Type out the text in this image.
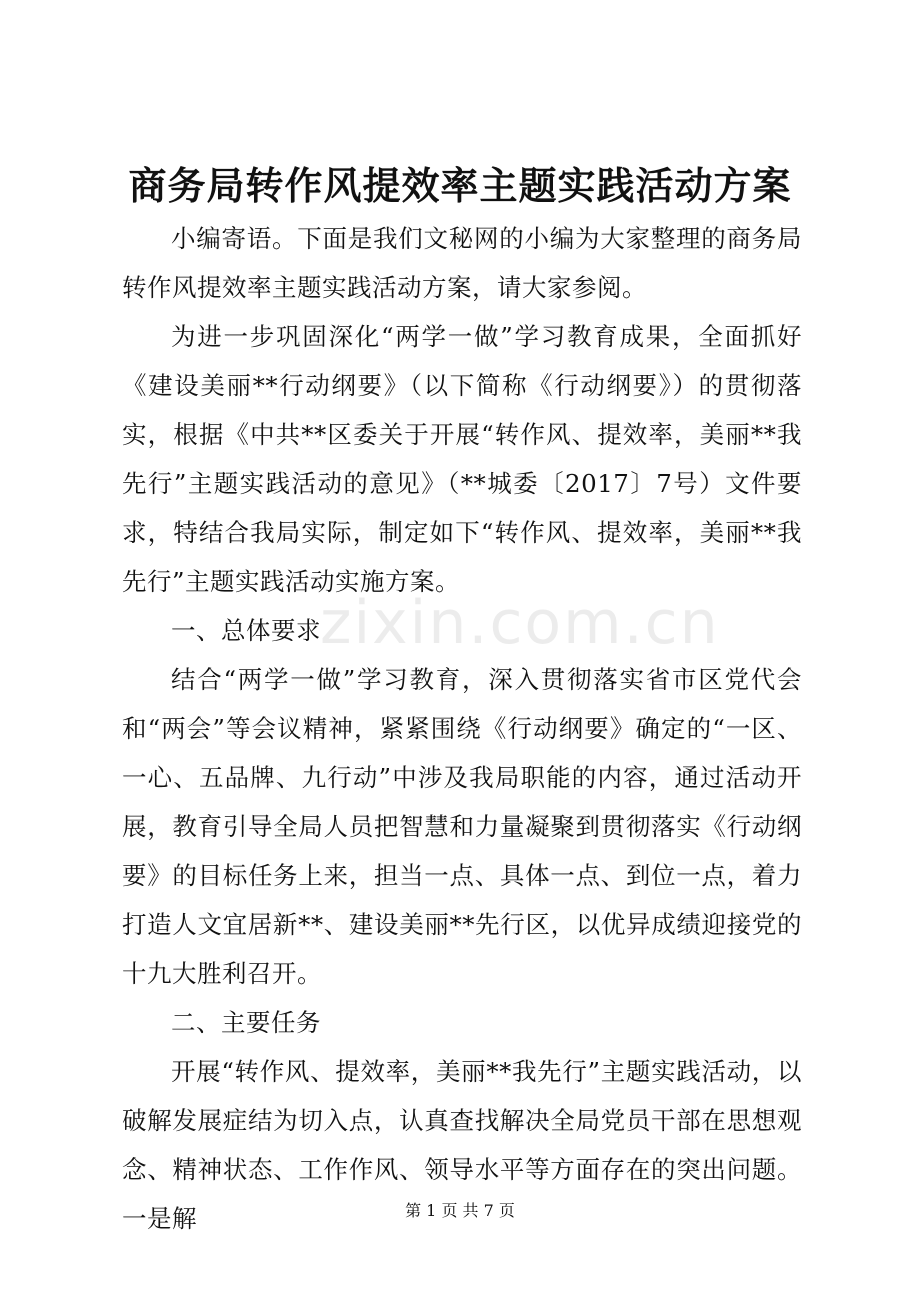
商务局转作风提效率主题实践活动方案

小编寄语。下面是我们文秘网的小编为大家整理的商务局转作风提效率主题实践活动方案，请大家参阅。

为进一步巩固深化“两学一做”学习教育成果，全面抓好《建设美丽**行动纲要》（以下简称《行动纲要》）的贯彻落实，根据《中共**区委关于开展“转作风、提效率，美丽**我先行”主题实践活动的意见》（**城委〔2017〕7号）文件要求，特结合我局实际，制定如下“转作风、提效率，美丽**我先行”主题实践活动实施方案。

一、总体要求

结合“两学一做”学习教育，深入贯彻落实省市区党代会和“两会”等会议精神，紧紧围绕《行动纲要》确定的“一区、一心、五品牌、九行动”中涉及我局职能的内容，通过活动开展，教育引导全局人员把智慧和力量凝聚到贯彻落实《行动纲要》的目标任务上来，担当一点、具体一点、到位一点，着力打造人文宜居新**、建设美丽**先行区，以优异成绩迎接党的十九大胜利召开。

二、主要任务

开展“转作风、提效率，美丽**我先行”主题实践活动，以破解发展症结为切入点，认真查找解决全局党员干部在思想观念、精神状态、工作作风、领导水平等方面存在的突出问题。一是解

zixin.com.cn
第 1 页 共 7 页
